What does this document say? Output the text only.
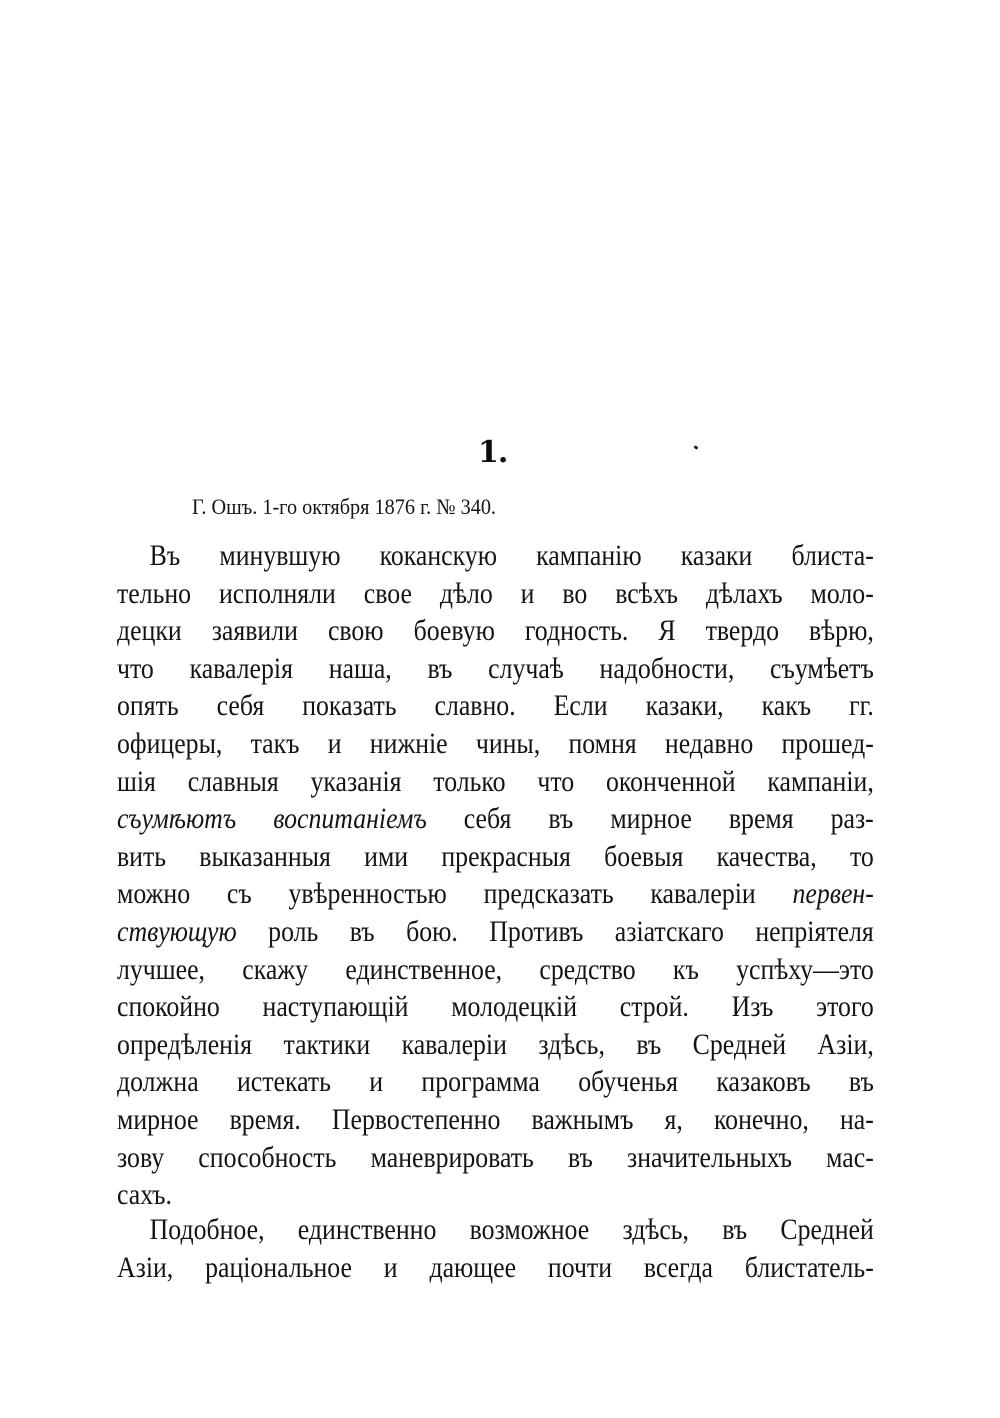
1.
Г. Ошъ. 1-го октября 1876 г. № 340.
Въ минувшую коканскую кампанію казаки блиста-
тельно исполняли свое дѣло и во всѣхъ дѣлахъ моло-
децки заявили свою боевую годность. Я твердо вѣрю,
что кавалерія наша, въ случаѣ надобности, съумѣетъ
опять себя показать славно. Если казаки, какъ гг.
офицеры, такъ и нижніе чины, помня недавно прошед-
шія славныя указанія только что оконченной кампаніи,
съумѣютъ воспитаніемъ себя въ мирное время раз-
вить выказанныя ими прекрасныя боевыя качества, то
можно съ увѣренностью предсказать кавалеріи первен-
ствующую роль въ бою. Противъ азіатскаго непріятеля
лучшее, скажу единственное, средство къ успѣху—это
спокойно наступающій молодецкій строй. Изъ этого
опредѣленія тактики кавалеріи здѣсь, въ Средней Азіи,
должна истекать и программа обученья казаковъ въ
мирное время. Первостепенно важнымъ я, конечно, на-
зову способность маневрировать въ значительныхъ мас-
сахъ.
Подобное, единственно возможное здѣсь, въ Средней
Азіи, раціональное и дающее почти всегда блистатель-
